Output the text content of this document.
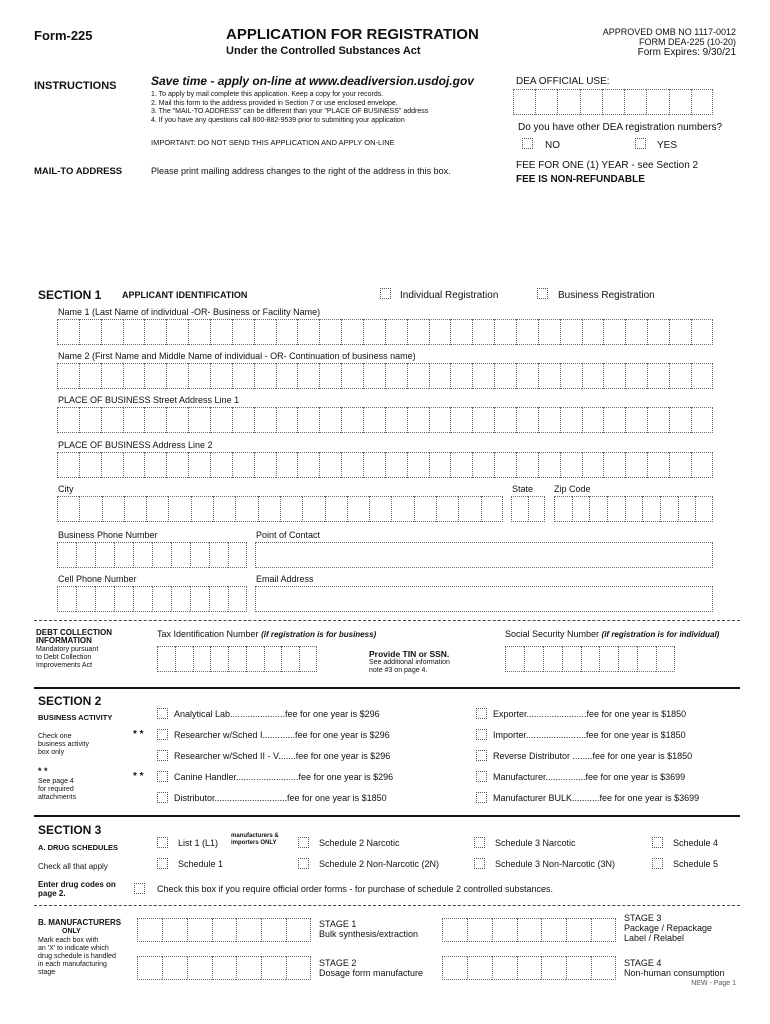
Form-225	APPLICATION FOR REGISTRATION
Under the Controlled Substances Act
APPROVED OMB NO 1117-0012
FORM DEA-225 (10-20)
Form Expires: 9/30/21
INSTRUCTIONS	Save time - apply on-line at www.deadiversion.usdoj.gov
1. To apply by mail complete this application. Keep a copy for your records.
2. Mail this form to the address provided in Section 7 or use enclosed envelope.
3. The "MAIL-TO ADDRESS" can be different than your "PLACE OF BUSINESS" address
4. If you have any questions call 800-882-9539 prior to submitting your application
IMPORTANT: DO NOT SEND THIS APPLICATION AND APPLY ON-LINE
DEA OFFICIAL USE:
Do you have other DEA registration numbers?
NO	YES
MAIL-TO ADDRESS	Please print mailing address changes to the right of the address in this box.	FEE FOR ONE (1) YEAR - see Section 2
FEE IS NON-REFUNDABLE
SECTION 1 APPLICANT IDENTIFICATION	Individual Registration	Business Registration
Name 1 (Last Name of individual -OR- Business or Facility Name)
Name 2 (First Name and Middle Name of individual - OR- Continuation of business name)
PLACE OF BUSINESS Street Address Line 1
PLACE OF BUSINESS Address Line 2
City	State Zip Code
Business Phone Number	Point of Contact
Cell Phone Number	Email Address
DEBT COLLECTION
INFORMATION
Mandatory pursuant
to Debt Collection
Improvements Act
Tax Identification Number (if registration is for business)
Provide TIN or SSN.
See additional information
note #3 on page 4.
Social Security Number (if registration is for individual)
SECTION 2
BUSINESS ACTIVITY
Check one
business activity
box only
* *
See page 4
for required
attachments
Analytical Lab......................fee for one year is $296
Researcher w/Sched I.............fee for one year is $296
* *
Researcher w/Sched II - V.......fee for one year is $296
Canine Handler.........................fee for one year is $296
* *
Distributor.............................fee for one year is $1850
Exporter........................fee for one year is $1850
Importer........................fee for one year is $1850
Reverse Distributor ........fee for one year is $1850
Manufacturer................fee for one year is $3699
Manufacturer BULK...........fee for one year is $3699
SECTION 3
A. DRUG SCHEDULES
Check all that apply
Enter drug codes on
page 2.
List 1 (L1)
manufacturers &
importers ONLY
Schedule 1
Schedule 2 Narcotic
Schedule 2 Non-Narcotic (2N)
Schedule 3 Narcotic
Schedule 3 Non-Narcotic (3N)
Schedule 4
Schedule 5
Check this box if you require official order forms - for purchase of schedule 2 controlled substances.
B. MANUFACTURERS
ONLY
Mark each box with
an 'X' to indicate which
drug schedule is handled
in each manufacturing
stage
STAGE 1
Bulk synthesis/extraction
STAGE 2
Dosage form manufacture
STAGE 3
Package / Repackage
Label / Relabel
STAGE 4
Non-human consumption
NEW - Page 1
